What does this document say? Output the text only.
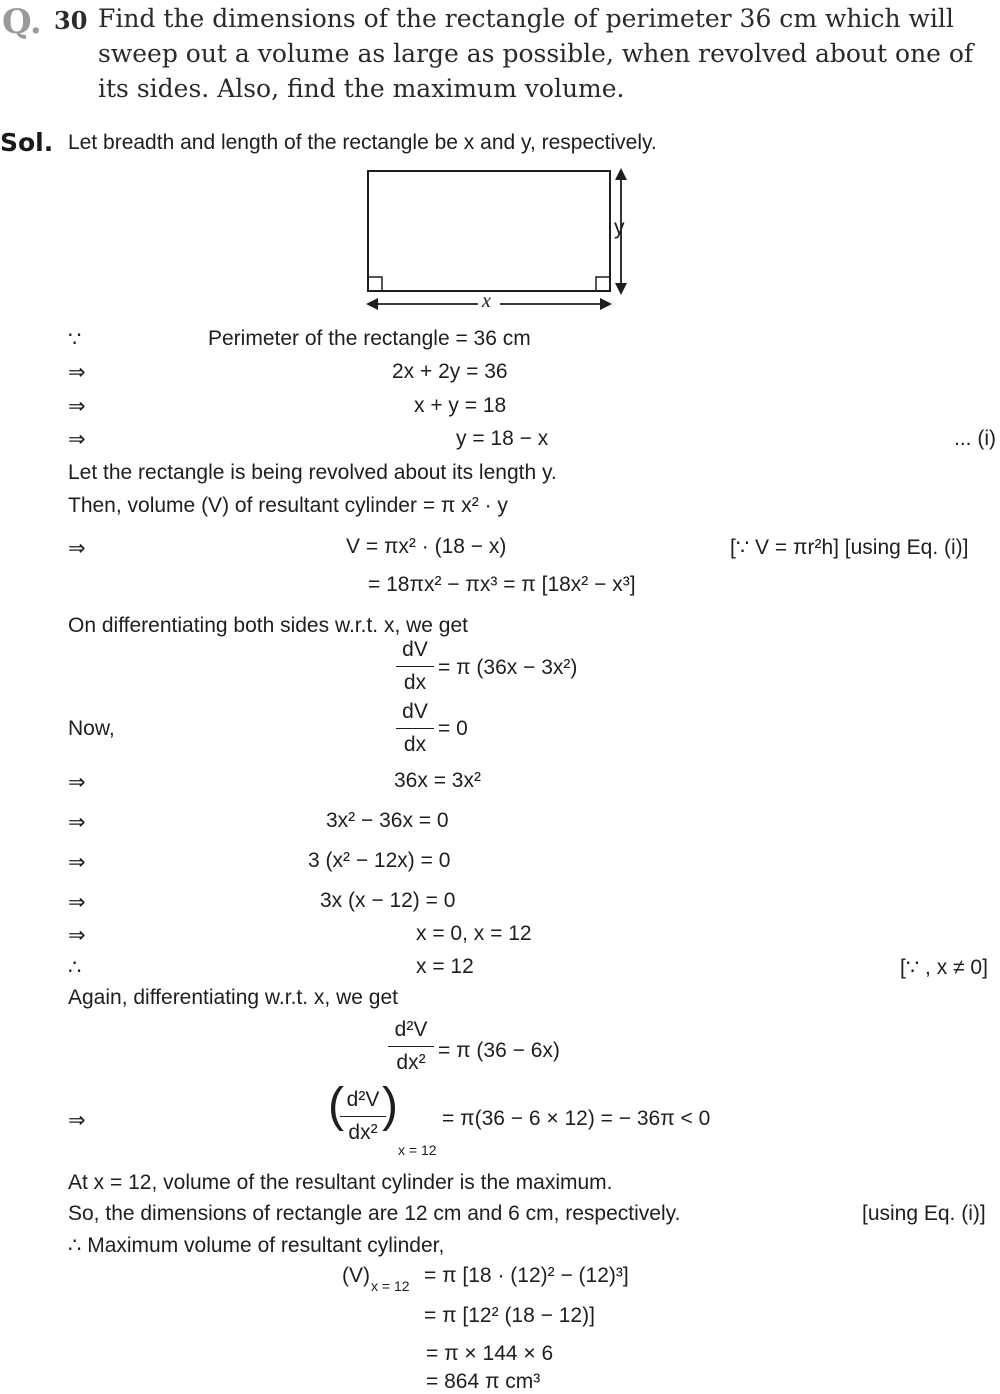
Q. 30 Find the dimensions of the rectangle of perimeter 36 cm which will
sweep out a volume as large as possible, when revolved about one of
its sides. Also, find the maximum volume.
Sol. Let breadth and length of the rectangle be x and y, respectively.
x
y
∵	Perimeter of the rectangle = 36 cm
⇒	2x + 2y = 36
⇒	x + y = 18
⇒	y = 18 − x	... (i)
Let the rectangle is being revolved about its length y.
Then, volume (V) of resultant cylinder = π x² · y
⇒	V = πx² · (18 − x)	[∵ V = πr²h] [using Eq. (i)]
= 18πx² − πx³ = π [18x² − x³]
On differentiating both sides w.r.t. x, we get
dV
dx
= π (36x − 3x²)
Now,
dV
dx
= 0
⇒	36x = 3x²
⇒	3x² − 36x = 0
⇒	3 (x² − 12x) = 0
⇒	3x (x − 12) = 0
⇒	x = 0, x = 12
∴	x = 12	[∵ , x ≠ 0]
Again, differentiating w.r.t. x, we get
d²V
dx²
= π (36 − 6x)
⇒	( d²V
dx²
)
x = 12
= π(36 − 6 × 12) = − 36π < 0
At x = 12, volume of the resultant cylinder is the maximum.
So, the dimensions of rectangle are 12 cm and 6 cm, respectively.	[using Eq. (i)]
∴ Maximum volume of resultant cylinder,
(V) x = 12 = π [18 · (12)² − (12)³]
= π [12² (18 − 12)]
= π × 144 × 6
= 864 π cm³
